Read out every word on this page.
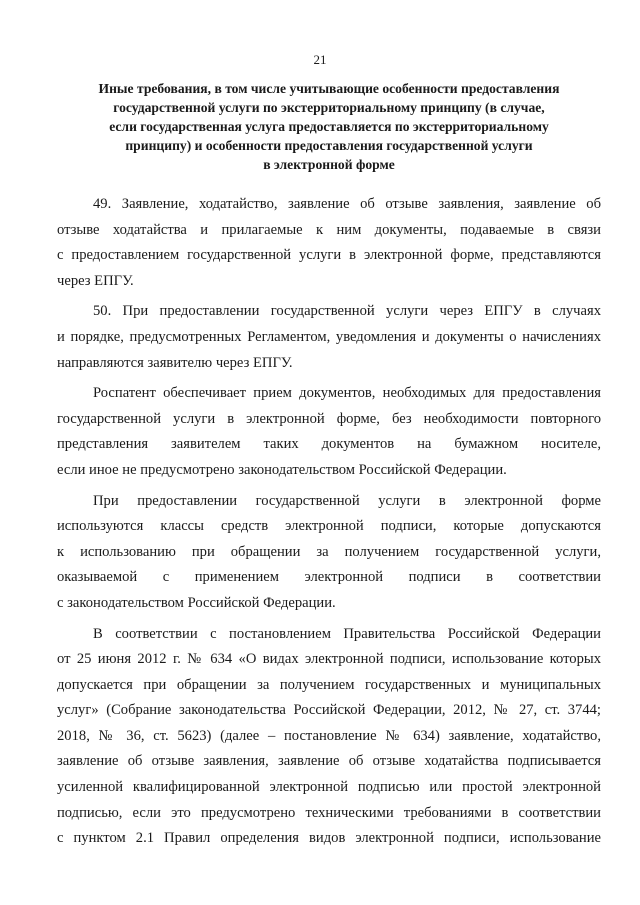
21
Иные требования, в том числе учитывающие особенности предоставления
государственной услуги по экстерриториальному принципу (в случае,
если государственная услуга предоставляется по экстерриториальному
принципу) и особенности предоставления государственной услуги
в электронной форме
49. Заявление, ходатайство, заявление об отзыве заявления, заявление об
отзыве ходатайства и прилагаемые к ним документы, подаваемые в связи
с предоставлением государственной услуги в электронной форме, представляются
через ЕПГУ.
50. При предоставлении государственной услуги через ЕПГУ в случаях
и порядке, предусмотренных Регламентом, уведомления и документы о начислениях
направляются заявителю через ЕПГУ.
Роспатент обеспечивает прием документов, необходимых для предоставления
государственной услуги в электронной форме, без необходимости повторного
представления заявителем таких документов на бумажном носителе,
если иное не предусмотрено законодательством Российской Федерации.
При предоставлении государственной услуги в электронной форме
используются классы средств электронной подписи, которые допускаются
к использованию при обращении за получением государственной услуги,
оказываемой с применением электронной подписи в соответствии
с законодательством Российской Федерации.
В соответствии с постановлением Правительства Российской Федерации
от 25 июня 2012 г. № 634 «О видах электронной подписи, использование которых
допускается при обращении за получением государственных и муниципальных
услуг» (Собрание законодательства Российской Федерации, 2012, № 27, ст. 3744;
2018, № 36, ст. 5623) (далее – постановление № 634) заявление, ходатайство,
заявление об отзыве заявления, заявление об отзыве ходатайства подписывается
усиленной квалифицированной электронной подписью или простой электронной
подписью, если это предусмотрено техническими требованиями в соответствии
с пунктом 2.1 Правил определения видов электронной подписи, использование
